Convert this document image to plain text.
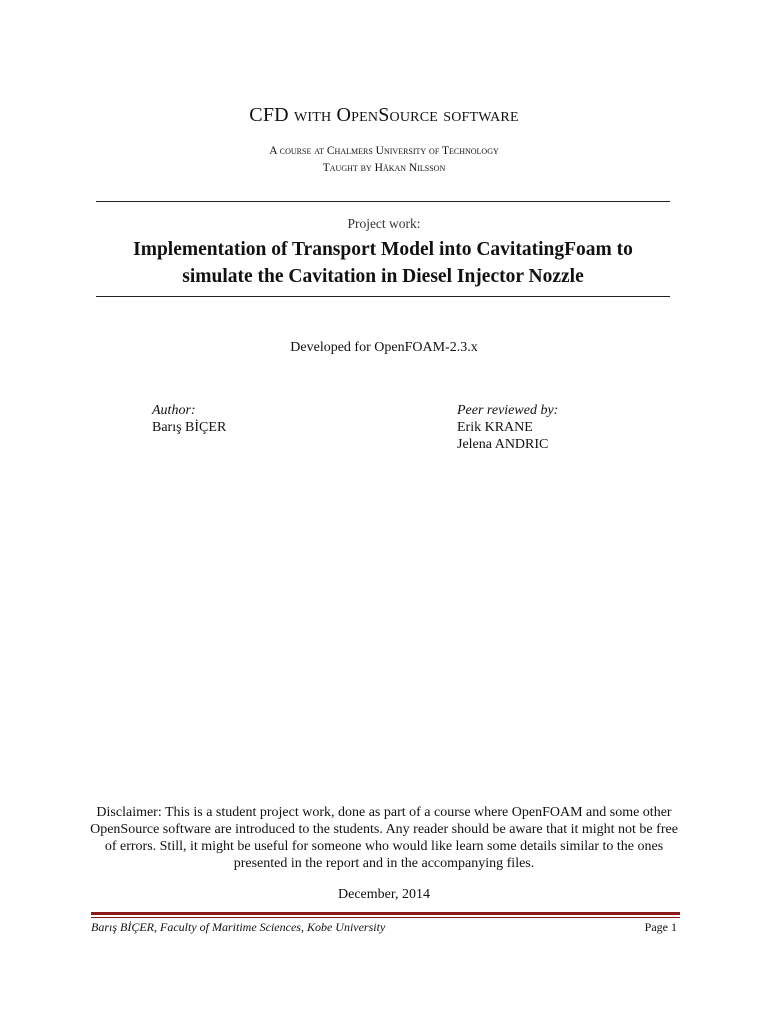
CFD with OpenSource software
A course at Chalmers University of Technology
Taught by Håkan Nilsson
Project work:
Implementation of Transport Model into CavitatingFoam to simulate the Cavitation in Diesel Injector Nozzle
Developed for OpenFOAM-2.3.x
Author:
Barış BİÇER
Peer reviewed by:
Erik KRANE
Jelena ANDRIC
Disclaimer: This is a student project work, done as part of a course where OpenFOAM and some other OpenSource software are introduced to the students. Any reader should be aware that it might not be free of errors. Still, it might be useful for someone who would like learn some details similar to the ones presented in the report and in the accompanying files.
December, 2014
Barış BİÇER, Faculty of Maritime Sciences, Kobe University	Page 1
